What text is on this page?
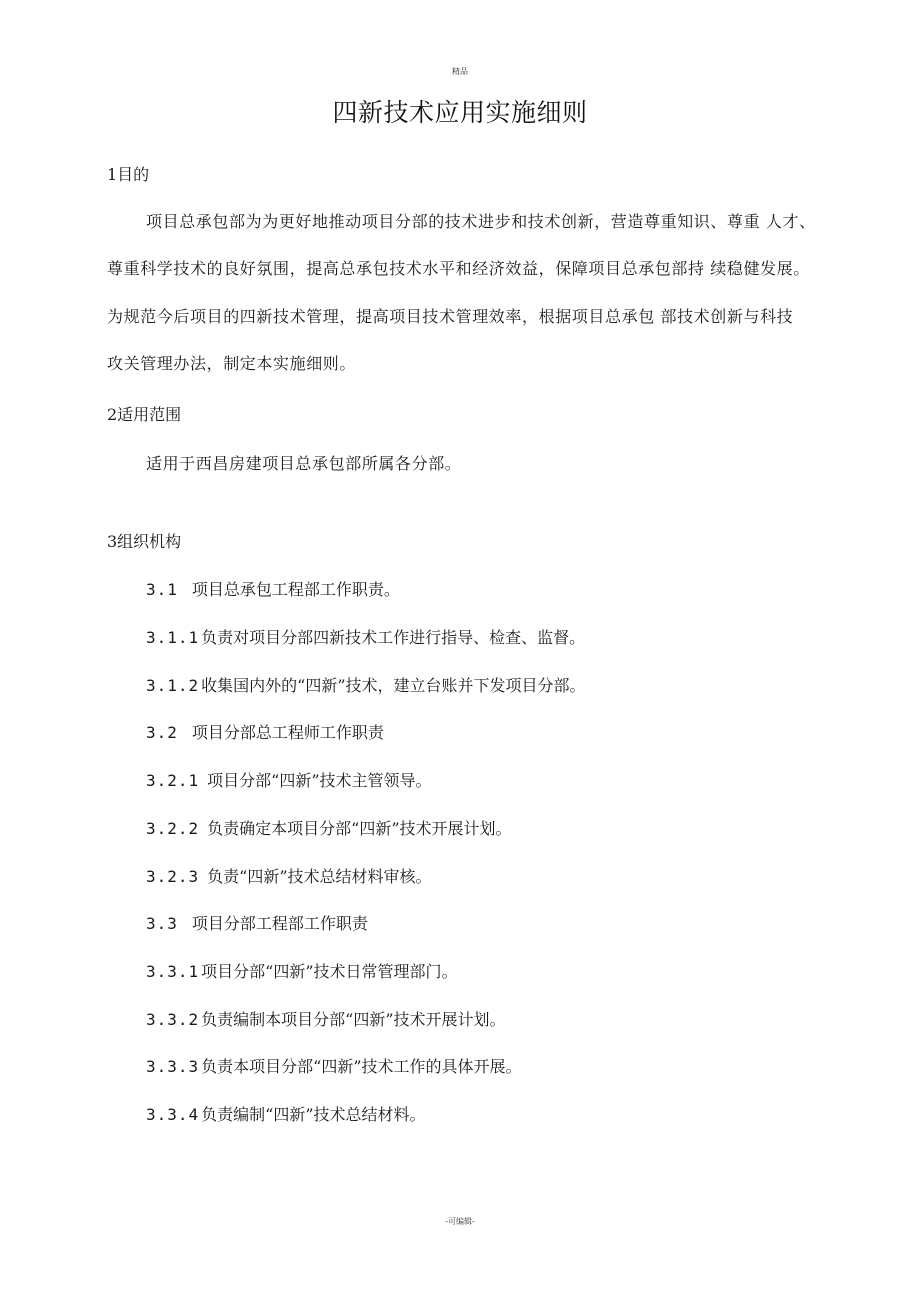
精品
四新技术应用实施细则
1目的
项目总承包部为为更好地推动项目分部的技术进步和技术创新，营造尊重知识、尊重 人才、
尊重科学技术的良好氛围，提高总承包技术水平和经济效益，保障项目总承包部持 续稳健发展。
为规范今后项目的四新技术管理，提高项目技术管理效率，根据项目总承包 部技术创新与科技
攻关管理办法，制定本实施细则。
2适用范围
适用于西昌房建项目总承包部所属各分部。
3组织机构
3.1 项目总承包工程部工作职责。
3.1.1 负责对项目分部四新技术工作进行指导、检查、监督。
3.1.2 收集国内外的“四新”技术，建立台账并下发项目分部。
3.2 项目分部总工程师工作职责
3.2.1 项目分部“四新”技术主管领导。
3.2.2 负责确定本项目分部“四新”技术开展计划。
3.2.3 负责“四新”技术总结材料审核。
3.3 项目分部工程部工作职责
3.3.1 项目分部“四新”技术日常管理部门。
3.3.2 负责编制本项目分部“四新”技术开展计划。
3.3.3 负责本项目分部“四新”技术工作的具体开展。
3.3.4 负责编制“四新”技术总结材料。
-可编辑-
